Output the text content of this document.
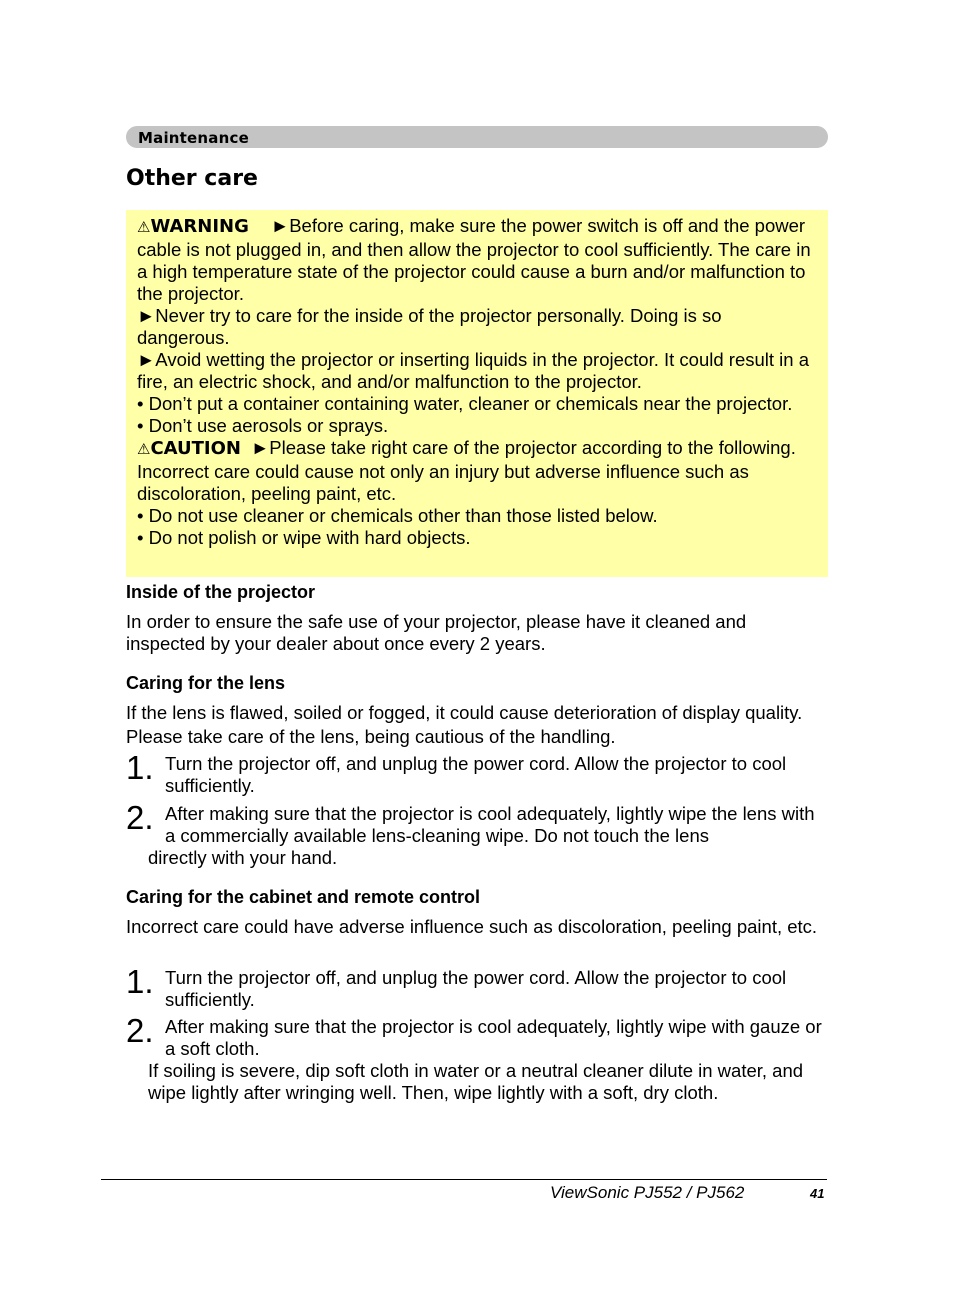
Maintenance
Other care

⚠WARNING ►Before caring, make sure the power switch is off and the power cable is not plugged in, and then allow the projector to cool sufficiently. The care in a high temperature state of the projector could cause a burn and/or malfunction to the projector.

►Never try to care for the inside of the projector personally. Doing is so dangerous.

►Avoid wetting the projector or inserting liquids in the projector. It could result in a fire, an electric shock, and and/or malfunction to the projector.

• Don’t put a container containing water, cleaner or chemicals near the projector.

• Don’t use aerosols or sprays.

⚠CAUTION ►Please take right care of the projector according to the following. Incorrect care could cause not only an injury but adverse influence such as discoloration, peeling paint, etc.

• Do not use cleaner or chemicals other than those listed below.

• Do not polish or wipe with hard objects.

Inside of the projector

In order to ensure the safe use of your projector, please have it cleaned and inspected by your dealer about once every 2 years.

Caring for the lens

If the lens is flawed, soiled or fogged, it could cause deterioration of display quality. Please take care of the lens, being cautious of the handling.

1. Turn the projector off, and unplug the power cord. Allow the projector to cool sufficiently.

2. After making sure that the projector is cool adequately, lightly wipe the lens with a commercially available lens-cleaning wipe. Do not touch the lens

directly with your hand.

Caring for the cabinet and remote control

Incorrect care could have adverse influence such as discoloration, peeling paint, etc.

1. Turn the projector off, and unplug the power cord. Allow the projector to cool sufficiently.

2. After making sure that the projector is cool adequately, lightly wipe with gauze or a soft cloth.

If soiling is severe, dip soft cloth in water or a neutral cleaner dilute in water, and wipe lightly after wringing well. Then, wipe lightly with a soft, dry cloth.

ViewSonic PJ552 / PJ562	41
